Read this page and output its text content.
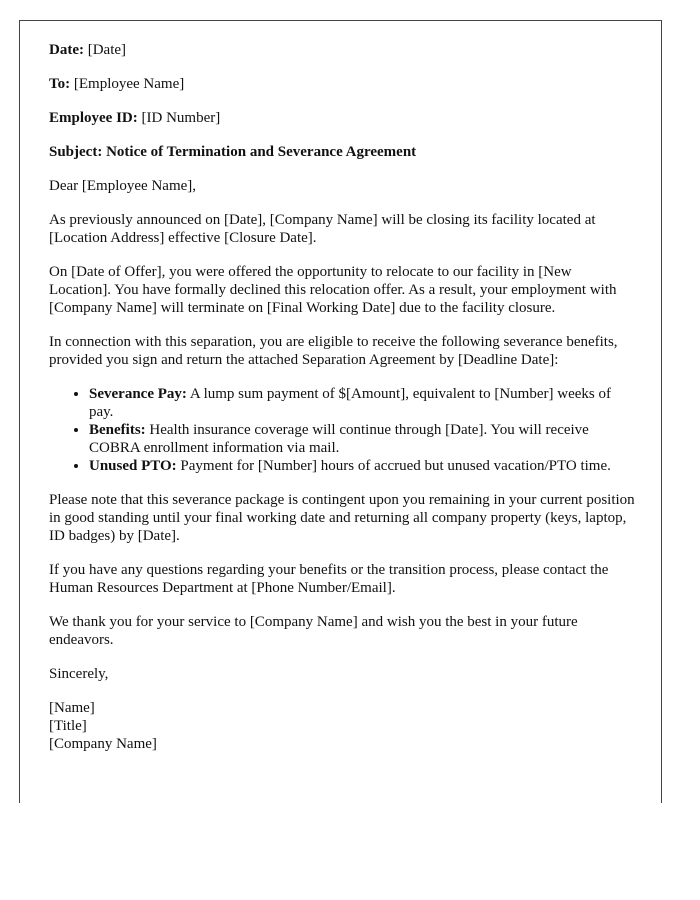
Date: [Date]

To: [Employee Name]

Employee ID: [ID Number]

Subject: Notice of Termination and Severance Agreement

Dear [Employee Name],

As previously announced on [Date], [Company Name] will be closing its facility located at [Location Address] effective [Closure Date].

On [Date of Offer], you were offered the opportunity to relocate to our facility in [New Location]. You have formally declined this relocation offer. As a result, your employment with [Company Name] will terminate on [Final Working Date] due to the facility closure.

In connection with this separation, you are eligible to receive the following severance benefits, provided you sign and return the attached Separation Agreement by [Deadline Date]:

• Severance Pay: A lump sum payment of $[Amount], equivalent to [Number] weeks of pay.
• Benefits: Health insurance coverage will continue through [Date]. You will receive COBRA enrollment information via mail.
• Unused PTO: Payment for [Number] hours of accrued but unused vacation/PTO time.

Please note that this severance package is contingent upon you remaining in your current position in good standing until your final working date and returning all company property (keys, laptop, ID badges) by [Date].

If you have any questions regarding your benefits or the transition process, please contact the Human Resources Department at [Phone Number/Email].

We thank you for your service to [Company Name] and wish you the best in your future endeavors.

Sincerely,

[Name]

[Title]

[Company Name]
